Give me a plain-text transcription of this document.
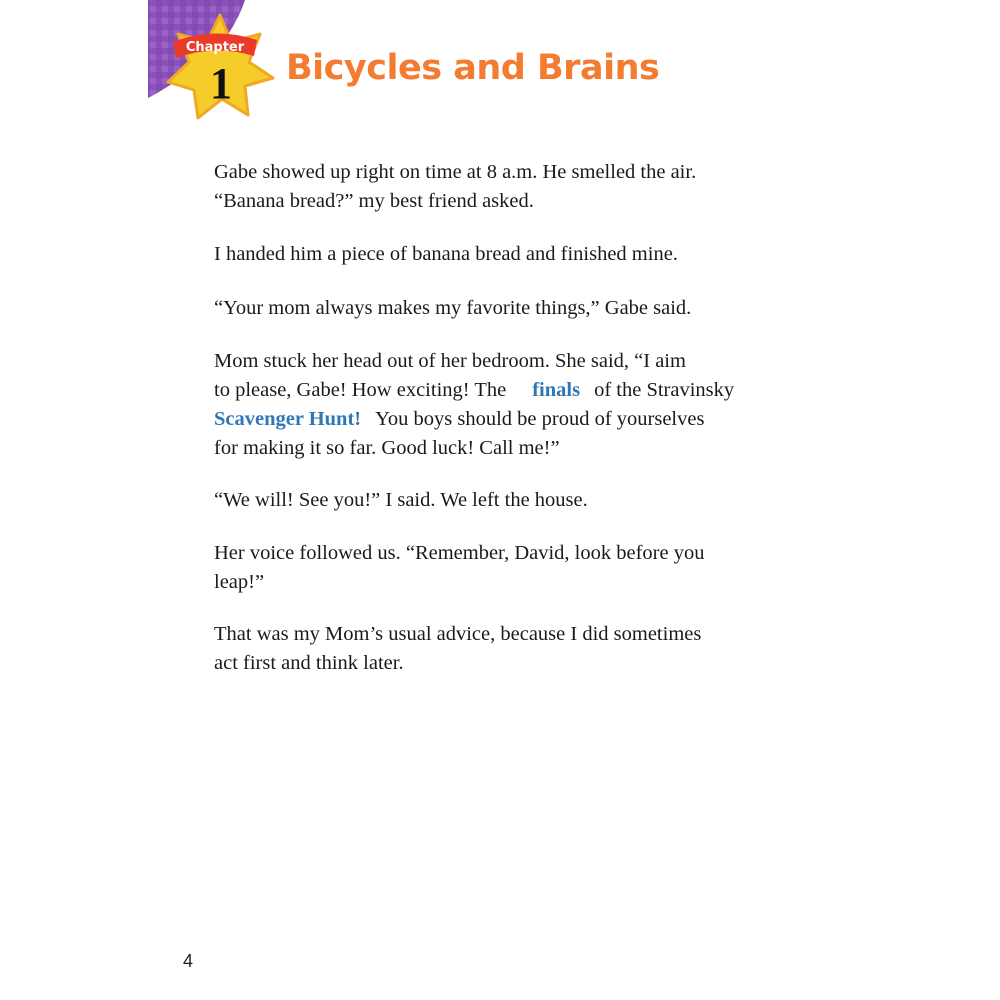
Chapter
1 Bicycles and Brains

Gabe showed up right on time at 8 a.m. He smelled the air.
“Banana bread?” my best friend asked.

I handed him a piece of banana bread and finished mine.

“Your mom always makes my favorite things,” Gabe said.

Mom stuck her head out of her bedroom. She said, “I aim
to please, Gabe! How exciting! The finals of the Stravinsky
Scavenger Hunt! You boys should be proud of yourselves
for making it so far. Good luck! Call me!”

“We will! See you!” I said. We left the house.

Her voice followed us. “Remember, David, look before you
leap!”

That was my Mom’s usual advice, because I did sometimes
act first and think later.

4
